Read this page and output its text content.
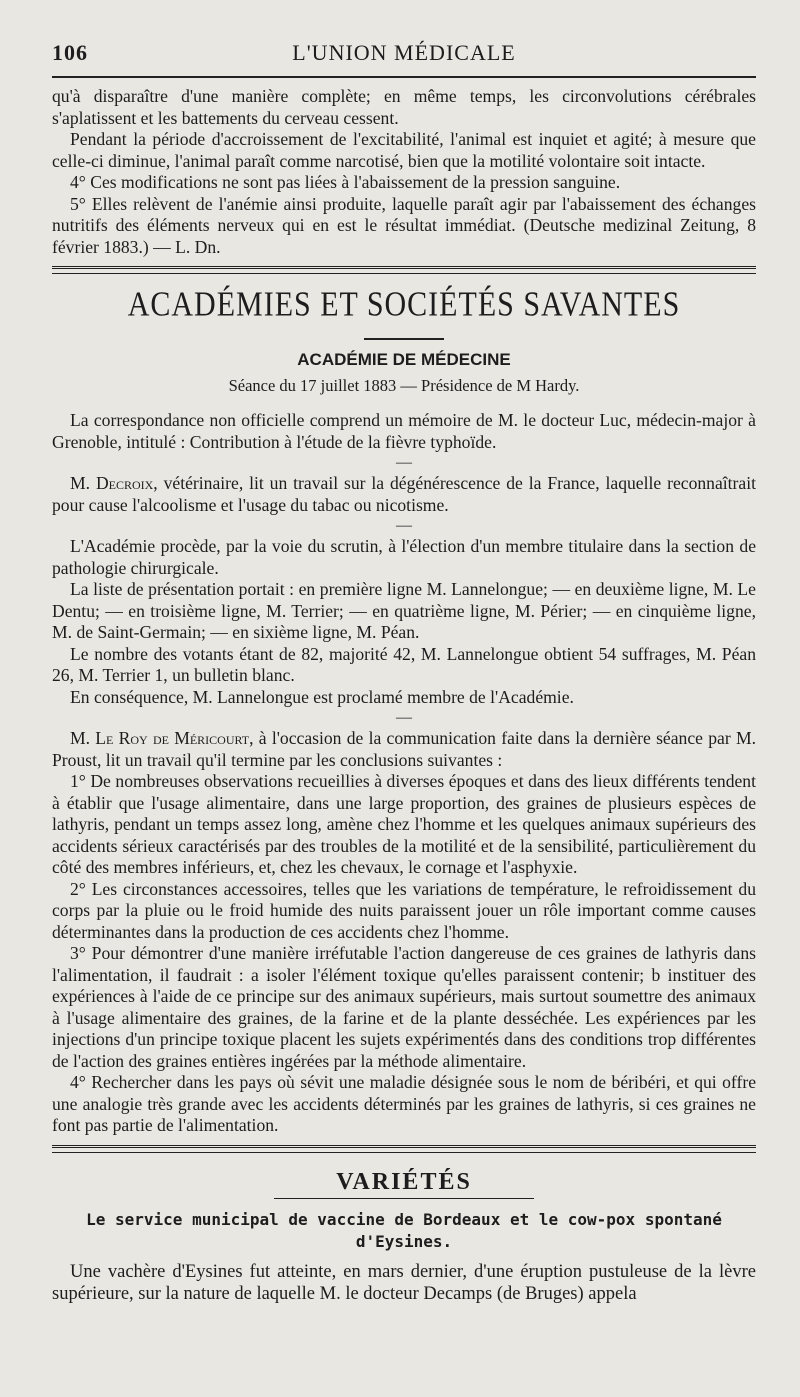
106	L'UNION MÉDICALE

qu'à disparaître d'une manière complète; en même temps, les circonvolutions cérébrales s'aplatissent et les battements du cerveau cessent.

Pendant la période d'accroissement de l'excitabilité, l'animal est inquiet et agité; à mesure que celle-ci diminue, l'animal paraît comme narcotisé, bien que la motilité volontaire soit intacte.

4° Ces modifications ne sont pas liées à l'abaissement de la pression sanguine.

5° Elles relèvent de l'anémie ainsi produite, laquelle paraît agir par l'abaissement des échanges nutritifs des éléments nerveux qui en est le résultat immédiat. (Deutsche medizinal Zeitung, 8 février 1883.) — L. Dn.

ACADÉMIES ET SOCIÉTÉS SAVANTES
ACADÉMIE DE MÉDECINE
Séance du 17 juillet 1883 — Présidence de M Hardy.

La correspondance non officielle comprend un mémoire de M. le docteur Luc, médecin-major à Grenoble, intitulé : Contribution à l'étude de la fièvre typhoïde.

—

M. Decroix, vétérinaire, lit un travail sur la dégénérescence de la France, laquelle reconnaîtrait pour cause l'alcoolisme et l'usage du tabac ou nicotisme.

—

L'Académie procède, par la voie du scrutin, à l'élection d'un membre titulaire dans la section de pathologie chirurgicale.

La liste de présentation portait : en première ligne M. Lannelongue; — en deuxième ligne, M. Le Dentu; — en troisième ligne, M. Terrier; — en quatrième ligne, M. Périer; — en cinquième ligne, M. de Saint-Germain; — en sixième ligne, M. Péan.

Le nombre des votants étant de 82, majorité 42, M. Lannelongue obtient 54 suffrages, M. Péan 26, M. Terrier 1, un bulletin blanc.

En conséquence, M. Lannelongue est proclamé membre de l'Académie.

—

M. Le Roy de Méricourt, à l'occasion de la communication faite dans la dernière séance par M. Proust, lit un travail qu'il termine par les conclusions suivantes :

1° De nombreuses observations recueillies à diverses époques et dans des lieux différents tendent à établir que l'usage alimentaire, dans une large proportion, des graines de plusieurs espèces de lathyris, pendant un temps assez long, amène chez l'homme et les quelques animaux supérieurs des accidents sérieux caractérisés par des troubles de la motilité et de la sensibilité, particulièrement du côté des membres inférieurs, et, chez les chevaux, le cornage et l'asphyxie.

2° Les circonstances accessoires, telles que les variations de température, le refroidissement du corps par la pluie ou le froid humide des nuits paraissent jouer un rôle important comme causes déterminantes dans la production de ces accidents chez l'homme.

3° Pour démontrer d'une manière irréfutable l'action dangereuse de ces graines de lathyris dans l'alimentation, il faudrait : a isoler l'élément toxique qu'elles paraissent contenir; b instituer des expériences à l'aide de ce principe sur des animaux supérieurs, mais surtout soumettre des animaux à l'usage alimentaire des graines, de la farine et de la plante desséchée. Les expériences par les injections d'un principe toxique placent les sujets expérimentés dans des conditions trop différentes de l'action des graines entières ingérées par la méthode alimentaire.

4° Rechercher dans les pays où sévit une maladie désignée sous le nom de béribéri, et qui offre une analogie très grande avec les accidents déterminés par les graines de lathyris, si ces graines ne font pas partie de l'alimentation.

VARIÉTÉS
Le service municipal de vaccine de Bordeaux et le cow-pox spontané d'Eysines.

Une vachère d'Eysines fut atteinte, en mars dernier, d'une éruption pustuleuse de la lèvre supérieure, sur la nature de laquelle M. le docteur Decamps (de Bruges) appela
